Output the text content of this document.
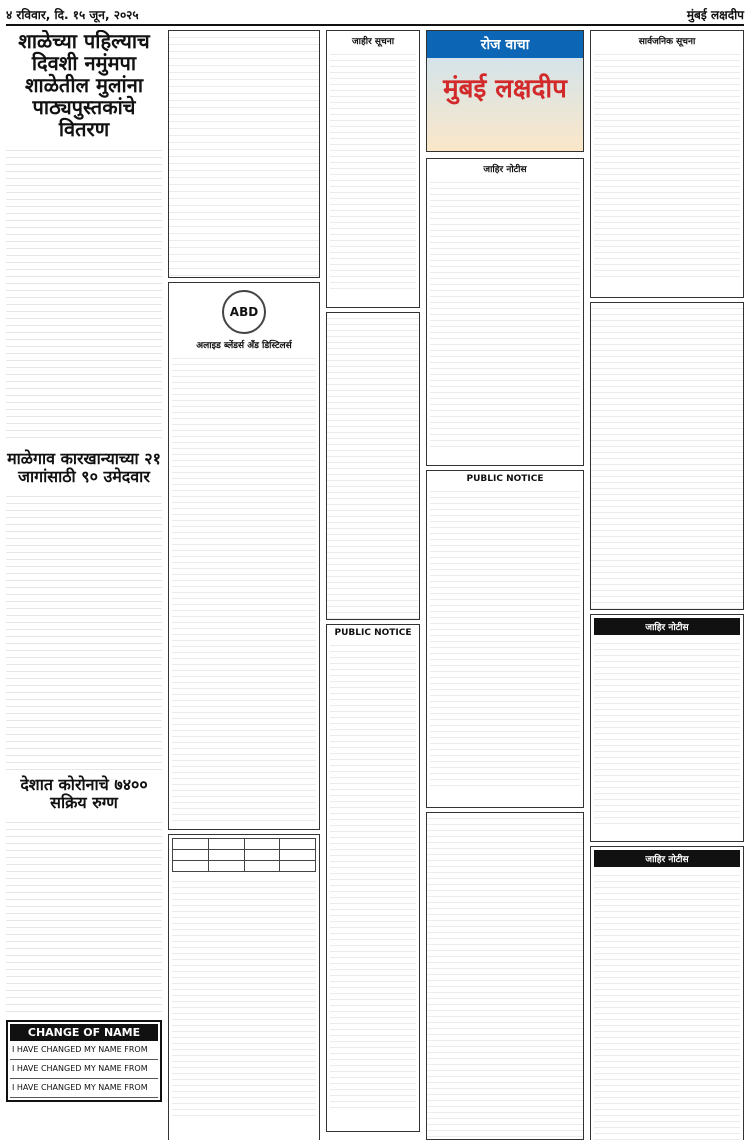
४ रविवार, दि. १५ जून, २०२५	मुंबई लक्षदीप
शाळेच्या पहिल्याच दिवशी नमुंमपा शाळेतील मुलांना पाठ्यपुस्तकांचे वितरण
माळेगाव कारखान्याच्या २१ जागांसाठी ९० उमेदवार
देशात कोरोनाचे ७४०० सक्रिय रुग्ण
CHANGE OF NAME
I HAVE CHANGED MY NAME FROM
I HAVE CHANGED MY NAME FROM
I HAVE CHANGED MY NAME FROM
ABD
अलाइड ब्लेंडर्स अँड डिस्टिलर्स

जाहीर सूचना
PUBLIC NOTICE
रोज वाचा
मुंबई लक्षदीप
जाहिर नोटीस
PUBLIC NOTICE
सार्वजनिक सूचना
जाहिर नोटीस
जाहिर नोटीस
